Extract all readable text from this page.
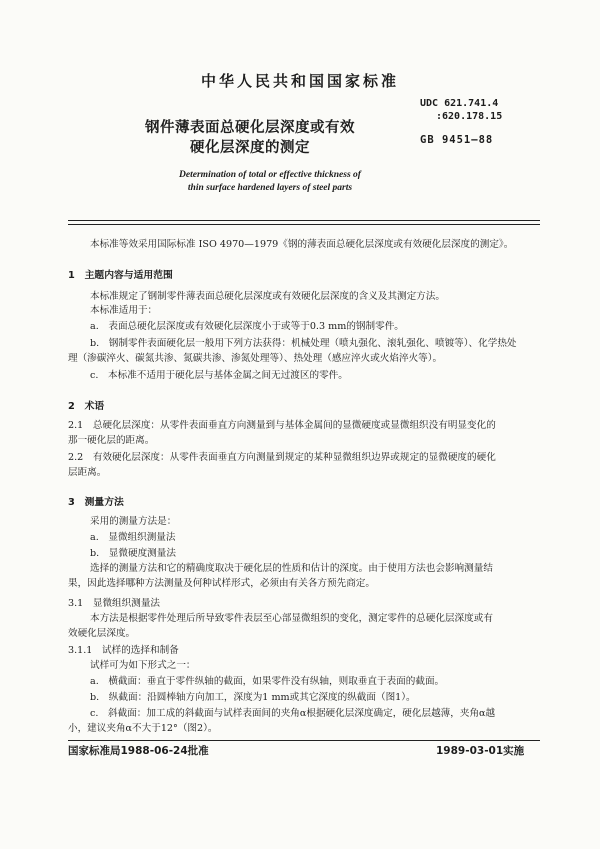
中华人民共和国国家标准
钢件薄表面总硬化层深度或有效
硬化层深度的测定
UDC 621.741.4
:620.178.15
GB 9451—88
Determination of total or effective thickness of
thin surface hardened layers of steel parts
本标准等效采用国际标准 ISO 4970—1979《钢的薄表面总硬化层深度或有效硬化层深度的测定》。
1　主题内容与适用范围
本标准规定了钢制零件薄表面总硬化层深度或有效硬化层深度的含义及其测定方法。
本标准适用于：
a.　表面总硬化层深度或有效硬化层深度小于或等于0.3 mm的钢制零件。
b.　钢制零件表面硬化层一般用下列方法获得：机械处理（喷丸强化、滚轧强化、喷镀等）、化学热处
理（渗碳淬火、碳氮共渗、氮碳共渗、渗氮处理等）、热处理（感应淬火或火焰淬火等）。
c.　本标准不适用于硬化层与基体金属之间无过渡区的零件。
2　术语
2.1　总硬化层深度：从零件表面垂直方向测量到与基体金属间的显微硬度或显微组织没有明显变化的
那一硬化层的距离。
2.2　有效硬化层深度：从零件表面垂直方向测量到规定的某种显微组织边界或规定的显微硬度的硬化
层距离。
3　测量方法
采用的测量方法是：
a.　显微组织测量法
b.　显微硬度测量法
选择的测量方法和它的精确度取决于硬化层的性质和估计的深度。由于使用方法也会影响测量结
果，因此选择哪种方法测量及何种试样形式，必须由有关各方预先商定。
3.1　显微组织测量法
本方法是根据零件处理后所导致零件表层至心部显微组织的变化，测定零件的总硬化层深度或有
效硬化层深度。
3.1.1　试样的选择和制备
试样可为如下形式之一：
a.　横截面：垂直于零件纵轴的截面，如果零件没有纵轴，则取垂直于表面的截面。
b.　纵截面：沿圆棒轴方向加工，深度为1 mm或其它深度的纵截面（图1）。
c.　斜截面：加工成的斜截面与试样表面间的夹角α根据硬化层深度确定，硬化层越薄，夹角α越
小，建议夹角α不大于12°（图2）。
国家标准局1988-06-24批准	1989-03-01实施
